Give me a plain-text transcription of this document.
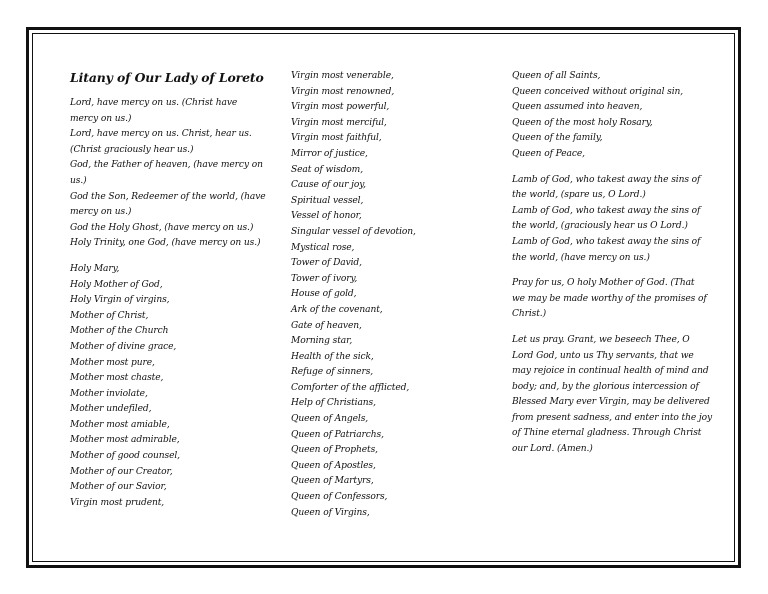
Litany of Our Lady of Loreto

Lord, have mercy on us. (Christ have mercy on us.)

Lord, have mercy on us. Christ, hear us. (Christ graciously hear us.)

God, the Father of heaven, (have mercy on us.)

God the Son, Redeemer of the world, (have mercy on us.)

God the Holy Ghost, (have mercy on us.)

Holy Trinity, one God, (have mercy on us.)

Holy Mary,
Holy Mother of God,
Holy Virgin of virgins,
Mother of Christ,
Mother of the Church
Mother of divine grace,
Mother most pure,
Mother most chaste,
Mother inviolate,
Mother undefiled,
Mother most amiable,
Mother most admirable,
Mother of good counsel,
Mother of our Creator,
Mother of our Savior,
Virgin most prudent,
Virgin most venerable,
Virgin most renowned,
Virgin most powerful,
Virgin most merciful,
Virgin most faithful,
Mirror of justice,
Seat of wisdom,
Cause of our joy,
Spiritual vessel,
Vessel of honor,
Singular vessel of devotion,
Mystical rose,
Tower of David,
Tower of ivory,
House of gold,
Ark of the covenant,
Gate of heaven,
Morning star,
Health of the sick,
Refuge of sinners,
Comforter of the afflicted,
Help of Christians,
Queen of Angels,
Queen of Patriarchs,
Queen of Prophets,
Queen of Apostles,
Queen of Martyrs,
Queen of Confessors,
Queen of Virgins,
Queen of all Saints,
Queen conceived without original sin,
Queen assumed into heaven,
Queen of the most holy Rosary,
Queen of the family,
Queen of Peace,
Lamb of God, who takest away the sins of
the world, (spare us, O Lord.)
Lamb of God, who takest away the sins of
the world, (graciously hear us O Lord.)
Lamb of God, who takest away the sins of
the world, (have mercy on us.)
Pray for us, O holy Mother of God. (That
we may be made worthy of the promises of
Christ.)
Let us pray. Grant, we beseech Thee, O
Lord God, unto us Thy servants, that we
may rejoice in continual health of mind and
body; and, by the glorious intercession of
Blessed Mary ever Virgin, may be delivered
from present sadness, and enter into the joy
of Thine eternal gladness. Through Christ
our Lord. (Amen.)
